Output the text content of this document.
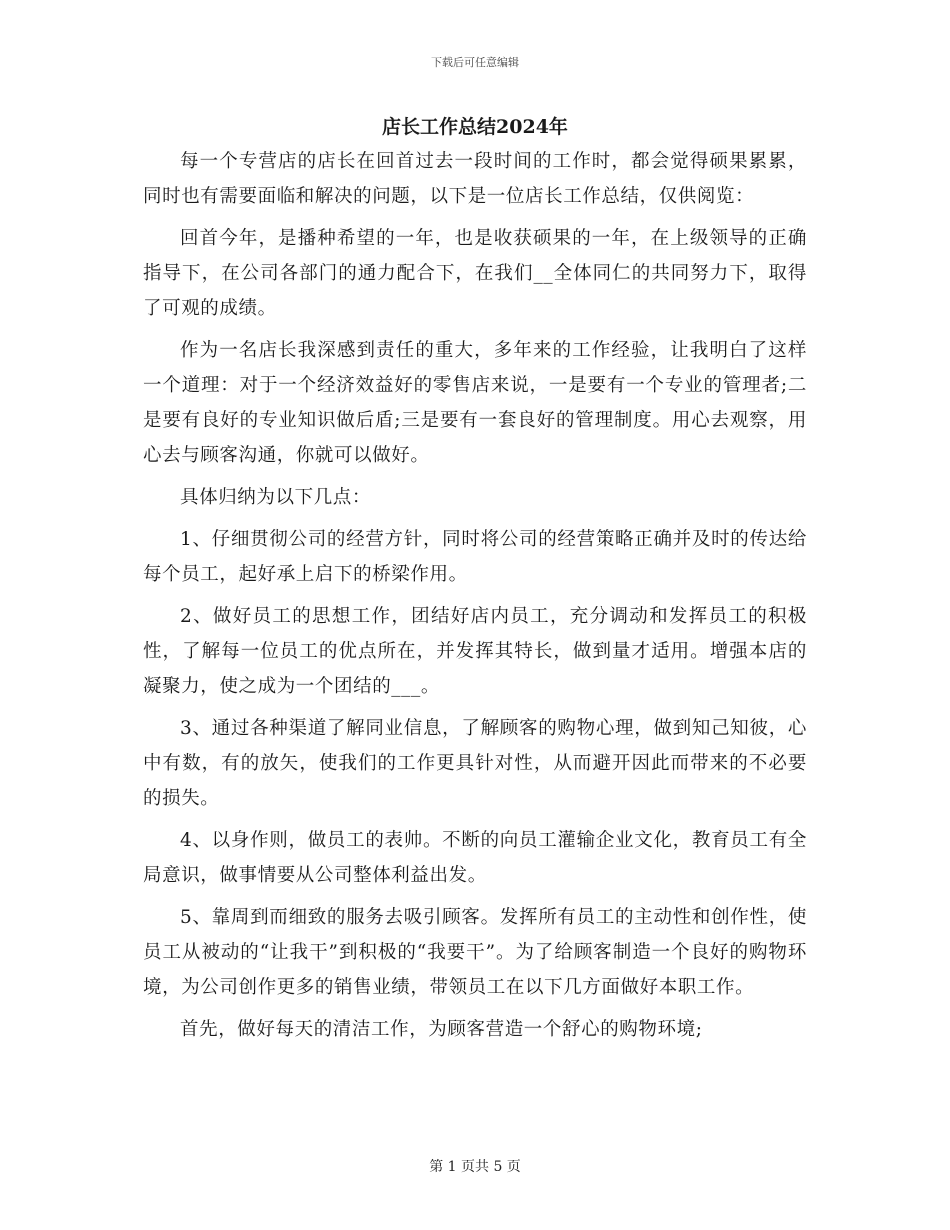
下载后可任意编辑
店长工作总结2024年

每一个专营店的店长在回首过去一段时间的工作时，都会觉得硕果累累，同时也有需要面临和解决的问题，以下是一位店长工作总结，仅供阅览：

回首今年，是播种希望的一年，也是收获硕果的一年，在上级领导的正确指导下，在公司各部门的通力配合下，在我们__全体同仁的共同努力下，取得了可观的成绩。

作为一名店长我深感到责任的重大，多年来的工作经验，让我明白了这样一个道理：对于一个经济效益好的零售店来说，一是要有一个专业的管理者;二是要有良好的专业知识做后盾;三是要有一套良好的管理制度。用心去观察，用心去与顾客沟通，你就可以做好。

具体归纳为以下几点：

1、仔细贯彻公司的经营方针，同时将公司的经营策略正确并及时的传达给每个员工，起好承上启下的桥梁作用。

2、做好员工的思想工作，团结好店内员工，充分调动和发挥员工的积极性，了解每一位员工的优点所在，并发挥其特长，做到量才适用。增强本店的凝聚力，使之成为一个团结的___。

3、通过各种渠道了解同业信息，了解顾客的购物心理，做到知己知彼，心中有数，有的放矢，使我们的工作更具针对性，从而避开因此而带来的不必要的损失。

4、以身作则，做员工的表帅。不断的向员工灌输企业文化，教育员工有全局意识，做事情要从公司整体利益出发。

5、靠周到而细致的服务去吸引顾客。发挥所有员工的主动性和创作性，使员工从被动的“让我干”到积极的“我要干”。为了给顾客制造一个良好的购物环境，为公司创作更多的销售业绩，带领员工在以下几方面做好本职工作。

首先，做好每天的清洁工作，为顾客营造一个舒心的购物环境;

第 1 页共 5 页
